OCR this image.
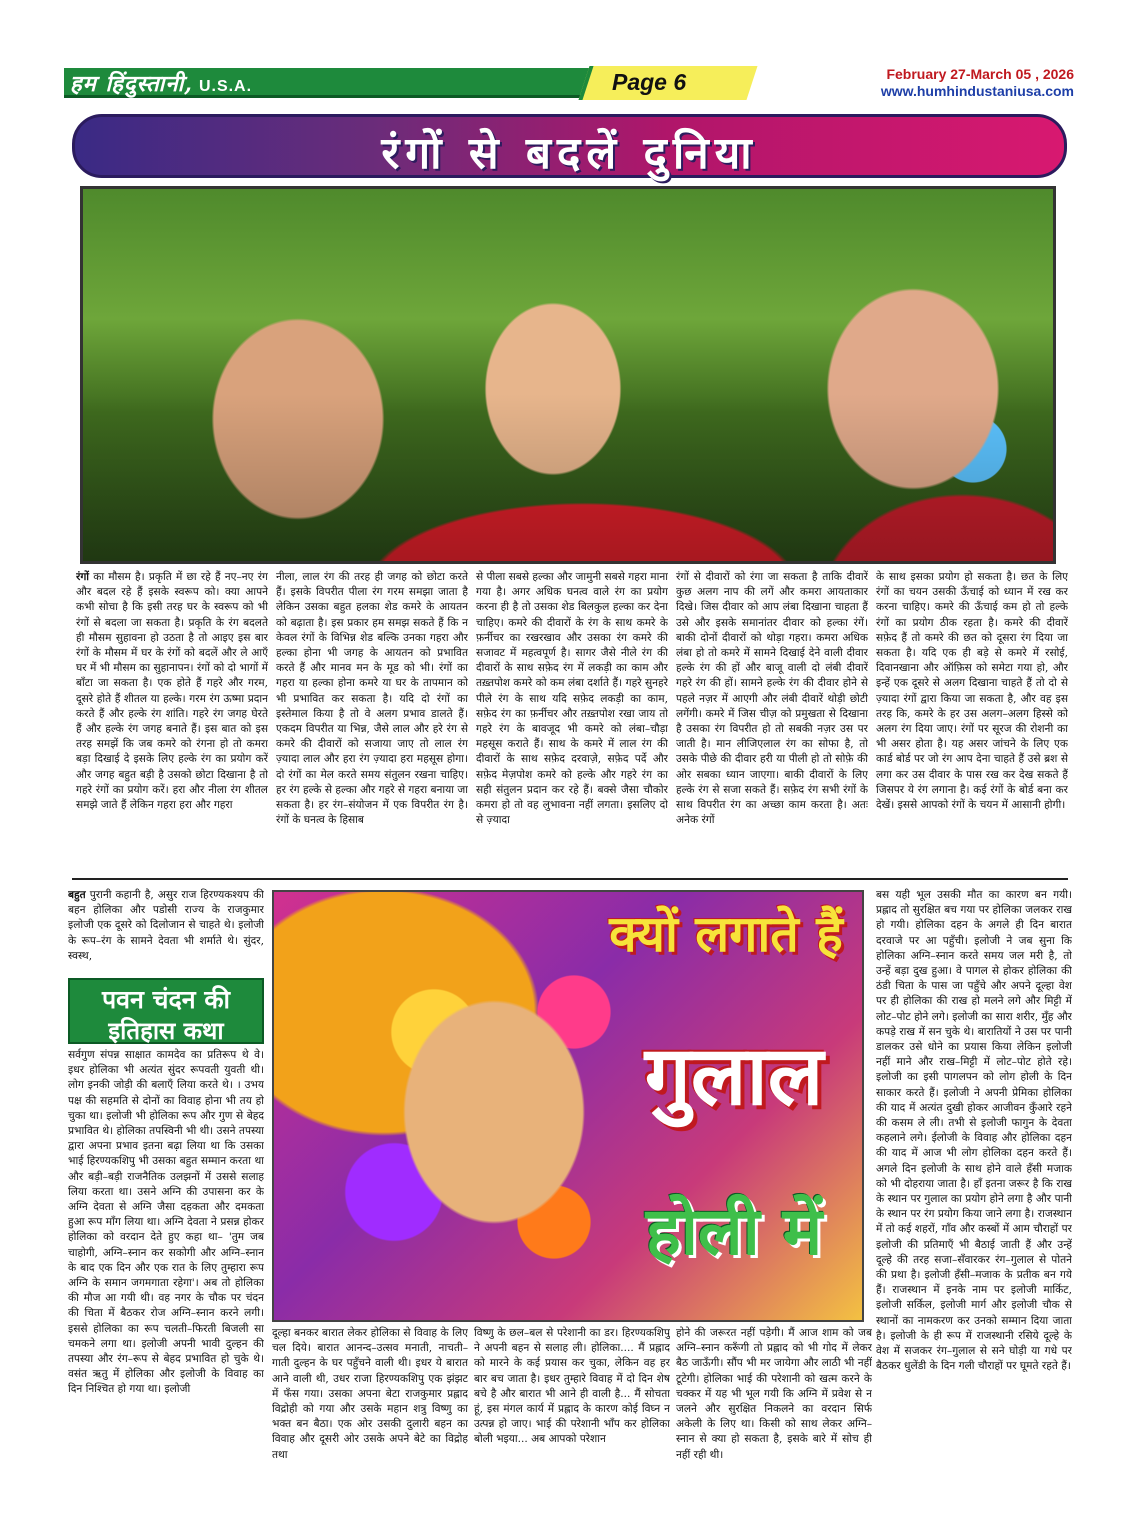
हम हिंदुस्तानी, U.S.A.	Page 6	February 27-March 05 , 2026
www.humhindustaniusa.com
रंगों से बदलें दुनिया
रंगों का मौसम है। प्रकृति में छा रहे हैं नए–नए रंग और बदल रहे हैं इसके स्वरूप को। क्या आपने कभी सोचा है कि इसी तरह घर के स्वरूप को भी रंगों से बदला जा सकता है। प्रकृति के रंग बदलते ही मौसम सुहावना हो उठता है तो आइए इस बार रंगों के मौसम में घर के रंगों को बदलें और ले आएँ घर में भी मौसम का सुहानापन। रंगों को दो भागों में बाँटा जा सकता है। एक होते हैं गहरे और गरम, दूसरे होते हैं शीतल या हल्के। गरम रंग ऊष्मा प्रदान करते हैं और हल्के रंग शांति। गहरे रंग जगह घेरते हैं और हल्के रंग जगह बनाते हैं। इस बात को इस तरह समझें कि जब कमरे को रंगना हो तो कमरा बड़ा दिखाई दे इसके लिए हल्के रंग का प्रयोग करें और जगह बहुत बड़ी है उसको छोटा दिखाना है तो गहरे रंगों का प्रयोग करें। हरा और नीला रंग शीतल समझे जाते हैं लेकिन गहरा हरा और गहरा
नीला, लाल रंग की तरह ही जगह को छोटा करते हैं। इसके विपरीत पीला रंग गरम समझा जाता है लेकिन उसका बहुत हलका शेड कमरे के आयतन को बढ़ाता है। इस प्रकार हम समझ सकते हैं कि न केवल रंगों के विभिन्न शेड बल्कि उनका गहरा और हल्का होना भी जगह के आयतन को प्रभावित करते हैं और मानव मन के मूड को भी। रंगों का गहरा या हल्का होना कमरे या घर के तापमान को भी प्रभावित कर सकता है। यदि दो रंगों का इस्तेमाल किया है तो वे अलग प्रभाव डालते हैं। एकदम विपरीत या भिन्न, जैसे लाल और हरे रंग से कमरे की दीवारों को सजाया जाए तो लाल रंग ज़्यादा लाल और हरा रंग ज़्यादा हरा महसूस होगा। दो रंगों का मेल करते समय संतुलन रखना चाहिए। हर रंग हल्के से हल्का और गहरे से गहरा बनाया जा सकता है। हर रंग–संयोजन में एक विपरीत रंग है। रंगों के घनत्व के हिसाब
से पीला सबसे हल्का और जामुनी सबसे गहरा माना गया है। अगर अधिक घनत्व वाले रंग का प्रयोग करना ही है तो उसका शेड बिलकुल हल्का कर देना चाहिए। कमरे की दीवारों के रंग के साथ कमरे के फ़र्नीचर का रखरखाव और उसका रंग कमरे की सजावट में महत्वपूर्ण है। सागर जैसे नीले रंग की दीवारों के साथ सफ़ेद रंग में लकड़ी का काम और तख़्तपोश कमरे को कम लंबा दर्शाते हैं। गहरे सुनहरे पीले रंग के साथ यदि सफ़ेद लकड़ी का काम, सफ़ेद रंग का फ़र्नीचर और तख़्तपोश रखा जाय तो गहरे रंग के बावजूद भी कमरे को लंबा–चौड़ा महसूस कराते हैं। साथ के कमरे में लाल रंग की दीवारों के साथ सफ़ेद दरवाज़े, सफ़ेद पर्दे और सफ़ेद मेज़पोश कमरे को हल्के और गहरे रंग का सही संतुलन प्रदान कर रहे हैं। बक्से जैसा चौकोर कमरा हो तो वह लुभावना नहीं लगता। इसलिए दो से ज़्यादा
रंगों से दीवारों को रंगा जा सकता है ताकि दीवारें कुछ अलग नाप की लगें और कमरा आयताकार दिखे। जिस दीवार को आप लंबा दिखाना चाहता हैं उसे और इसके समानांतर दीवार को हल्का रंगें। बाकी दोनों दीवारों को थोड़ा गहरा। कमरा अधिक लंबा हो तो कमरे में सामने दिखाई देने वाली दीवार हल्के रंग की हों और बाजू वाली दो लंबी दीवारें गहरे रंग की हों। सामने हल्के रंग की दीवार होने से पहले नज़र में आएगी और लंबी दीवारें थोड़ी छोटी लगेंगी। कमरे में जिस चीज़ को प्रमुखता से दिखाना है उसका रंग विपरीत हो तो सबकी नज़र उस पर जाती है। मान लीजिएलाल रंग का सोफा है, तो उसके पीछे की दीवार हरी या पीली हो तो सोफ़े की ओर सबका ध्यान जाएगा। बाकी दीवारों के लिए हल्के रंग से सजा सकते हैं। सफ़ेद रंग सभी रंगों के साथ विपरीत रंग का अच्छा काम करता है। अतः अनेक रंगों
के साथ इसका प्रयोग हो सकता है। छत के लिए रंगों का चयन उसकी ऊँचाई को ध्यान में रख कर करना चाहिए। कमरे की ऊँचाई कम हो तो हल्के रंगों का प्रयोग ठीक रहता है। कमरे की दीवारें सफ़ेद हैं तो कमरे की छत को दूसरा रंग दिया जा सकता है। यदि एक ही बड़े से कमरे में रसोई, दिवानखाना और ऑफ़िस को समेटा गया हो, और इन्हें एक दूसरे से अलग दिखाना चाहते हैं तो दो से ज़्यादा रंगों द्वारा किया जा सकता है, और वह इस तरह कि, कमरे के हर उस अलग–अलग हिस्से को अलग रंग दिया जाए। रंगों पर सूरज की रोशनी का भी असर होता है। यह असर जांचने के लिए एक कार्ड बोर्ड पर जो रंग आप देना चाहते हैं उसे ब्रश से लगा कर उस दीवार के पास रख कर देख सकते हैं जिसपर ये रंग लगाना है। कई रंगों के बोर्ड बना कर देखें। इससे आपको रंगों के चयन में आसानी होगी।
बहुत पुरानी कहानी है, असुर राज हिरण्यकश्यप की बहन होलिका और पडोसी राज्य के राजकुमार इलोजी एक दूसरे को दिलोजान से चाहते थे। इलोजी के रूप–रंग के सामने देवता भी शर्माते थे। सुंदर, स्वस्थ,
पवन चंदन की
इतिहास कथा
सर्वगुण संपन्न साक्षात कामदेव का प्रतिरूप थे वे। इधर होलिका भी अत्यंत सुंदर रूपवती युवती थी। लोग इनकी जोड़ी की बलाएँ लिया करते थे। । उभय पक्ष की सहमति से दोनों का विवाह होना भी तय हो चुका था। इलोजी भी होलिका रूप और गुण से बेहद प्रभावित थे। होलिका तपस्विनी भी थी। उसने तपस्या द्वारा अपना प्रभाव इतना बढ़ा लिया था कि उसका भाई हिरण्यकशिपु भी उसका बहुत सम्मान करता था और बड़ी–बड़ी राजनैतिक उलझनों में उससे सलाह लिया करता था। उसने अग्नि की उपासना कर के अग्नि देवता से अग्नि जैसा दहकता और दमकता हुआ रूप माँग लिया था। अग्नि देवता ने प्रसन्न होकर होलिका को वरदान देते हुए कहा था– 'तुम जब चाहोगी, अग्नि–स्नान कर सकोगी और अग्नि–स्नान के बाद एक दिन और एक रात के लिए तुम्हारा रूप अग्नि के समान जगमगाता रहेगा'। अब तो होलिका की मौज आ गयी थी। वह नगर के चौक पर चंदन की चिता में बैठकर रोज अग्नि–स्नान करने लगी। इससे होलिका का रूप चलती–फिरती बिजली सा चमकने लगा था। इलोजी अपनी भावी दुल्हन की तपस्या और रंग–रूप से बेहद प्रभावित हो चुके थे। वसंत ऋतु में होलिका और इलोजी के विवाह का दिन निश्चित हो गया था। इलोजी
क्यों लगाते हैं
गुलाल
होली में
दूल्हा बनकर बारात लेकर होलिका से विवाह के लिए चल दिये। बारात आनन्द–उत्सव मनाती, नाचती–गाती दुल्हन के घर पहुँचने वाली थी। इधर ये बारात आने वाली थी, उधर राजा हिरण्यकशिपु एक झंझट में फँस गया। उसका अपना बेटा राजकुमार प्रह्लाद विद्रोही को गया और उसके महान शत्रु विष्णु का भक्त बन बैठा। एक ओर उसकी दुलारी बहन का विवाह और दूसरी ओर उसके अपने बेटे का विद्रोह तथा
विष्णु के छल–बल से परेशानी का डर। हिरण्यकशिपु ने अपनी बहन से सलाह ली। होलिका.... मैं प्रह्लाद को मारने के कई प्रयास कर चुका, लेकिन वह हर बार बच जाता है। इधर तुम्हारे विवाह में दो दिन शेष बचे है और बारात भी आने ही वाली है... मैं सोचता हूं, इस मंगल कार्य में प्रह्लाद के कारण कोई विघ्न न उत्पन्न हो जाए। भाई की परेशानी भाँप कर होलिका बोली भइया... अब आपको परेशान
होने की जरूरत नहीं पड़ेगी। मैं आज शाम को जब अग्नि–स्नान करूँगी तो प्रह्लाद को भी गोद में लेकर बैठ जाऊँगी। सौंप भी मर जायेगा और लाठी भी नहीं टूटेगी। होलिका भाई की परेशानी को खत्म करने के चक्कर में यह भी भूल गयी कि अग्नि में प्रवेश से न जलने और सुरक्षित निकलने का वरदान सिर्फ अकेली के लिए था। किसी को साथ लेकर अग्नि–स्नान से क्या हो सकता है, इसके बारे में सोच ही नहीं रही थी।
बस यही भूल उसकी मौत का कारण बन गयी। प्रह्लाद तो सुरक्षित बच गया पर होलिका जलकर राख हो गयी। होलिका दहन के अगले ही दिन बारात दरवाजे पर आ पहुँची। इलोजी ने जब सुना कि होलिका अग्नि–स्नान करते समय जल मरी है, तो उन्हें बड़ा दुख हुआ। वे पागल से होकर होलिका की ठंडी चिता के पास जा पहुँचे और अपने दूल्हा वेश पर ही होलिका की राख हो मलने लगे और मिट्टी में लोट–पोट होने लगे। इलोजी का सारा शरीर, मुँह और कपड़े राख में सन चुके थे। बारातियों ने उस पर पानी डालकर उसे धोने का प्रयास किया लेकिन इलोजी नहीं माने और राख–मिट्टी में लोट–पोट होते रहे। इलोजी का इसी पागलपन को लोग होली के दिन साकार करते हैं। इलोजी ने अपनी प्रेमिका होलिका की याद में अत्यंत दुखी होकर आजीवन कुँआरे रहने की कसम ले ली। तभी से इलोजी फागुन के देवता कहलाने लगे। ईलोजी के विवाह और होलिका दहन की याद में आज भी लोग होलिका दहन करते हैं। अगले दिन इलोजी के साथ होने वाले हँसी मजाक को भी दोहराया जाता है। हाँ इतना जरूर है कि राख के स्थान पर गुलाल का प्रयोग होने लगा है और पानी के स्थान पर रंग प्रयोग किया जाने लगा है। राजस्थान में तो कई शहरों, गाँव और कस्बों में आम चौराहों पर इलोजी की प्रतिमाएँ भी बैठाई जाती हैं और उन्हें दूल्हे की तरह सजा–सँवारकर रंग–गुलाल से पोतने की प्रथा है। इलोजी हँसी–मजाक के प्रतीक बन गये हैं। राजस्थान में इनके नाम पर इलोजी मार्किट, इलोजी सर्किल, इलोजी मार्ग और इलोजी चौक से स्थानों का नामकरण कर उनको सम्मान दिया जाता है। इलोजी के ही रूप में राजस्थानी रसिये दूल्हे के वेश में सजकर रंग–गुलाल से सने घोड़ी या गधे पर बैठकर धुलेंडी के दिन गली चौराहों पर घूमते रहते हैं।
